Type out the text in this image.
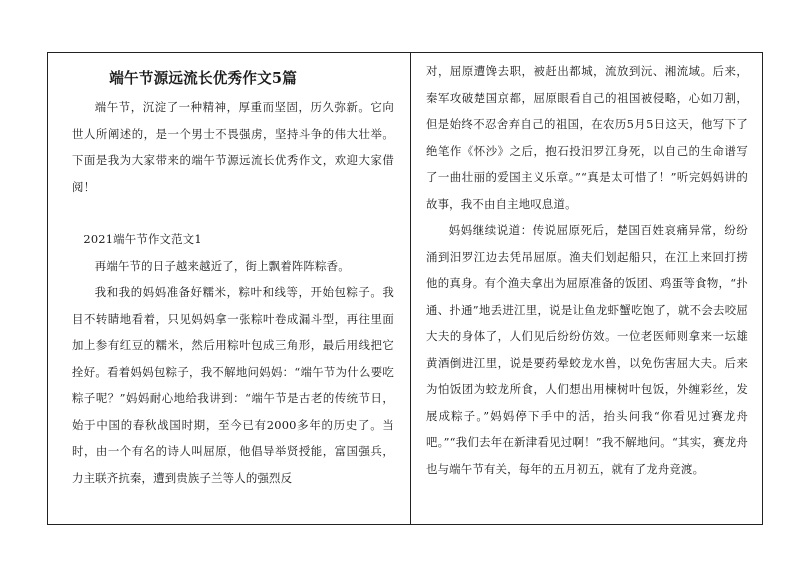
端午节源远流长优秀作文5篇

端午节，沉淀了一种精神，厚重而坚固，历久弥新。它向世人所阐述的，是一个男士不畏强虏，坚持斗争的伟大壮举。下面是我为大家带来的端午节源远流长优秀作文，欢迎大家借阅！

2021端午节作文范文1

再端午节的日子越来越近了，街上飘着阵阵粽香。

我和我的妈妈准备好糯米，粽叶和线等，开始包粽子。我目不转睛地看着，只见妈妈拿一张粽叶卷成漏斗型，再往里面加上参有红豆的糯米，然后用粽叶包成三角形，最后用线把它拴好。看着妈妈包粽子，我不解地问妈妈：“端午节为什么要吃粽子呢？”妈妈耐心地给我讲到：“端午节是古老的传统节日，始于中国的春秋战国时期，至今已有2000多年的历史了。当时，由一个有名的诗人叫屈原，他倡导举贤授能，富国强兵，力主联齐抗秦，遭到贵族子兰等人的强烈反

对，屈原遭馋去职，被赶出都城，流放到沅、湘流域。后来，秦军攻破楚国京都，屈原眼看自己的祖国被侵略，心如刀割，但是始终不忍舍弃自己的祖国，在农历5月5日这天，他写下了绝笔作《怀沙》之后，抱石投汨罗江身死，以自己的生命谱写了一曲壮丽的爱国主义乐章。”“真是太可惜了！”听完妈妈讲的故事，我不由自主地叹息道。

妈妈继续说道：传说屈原死后，楚国百姓哀痛异常，纷纷涌到汨罗江边去凭吊屈原。渔夫们划起船只，在江上来回打捞他的真身。有个渔夫拿出为屈原准备的饭团、鸡蛋等食物，“扑通、扑通”地丢进江里，说是让鱼龙虾蟹吃饱了，就不会去咬屈大夫的身体了，人们见后纷纷仿效。一位老医师则拿来一坛雄黄酒倒进江里，说是要药晕蛟龙水兽，以免伤害屈大夫。后来为怕饭团为蛟龙所食，人们想出用楝树叶包饭，外缠彩丝，发展成粽子。”妈妈停下手中的活，抬头问我“你看见过赛龙舟吧。”“我们去年在新津看见过啊！”我不解地问。“其实，赛龙舟也与端午节有关，每年的五月初五，就有了龙舟竞渡。
